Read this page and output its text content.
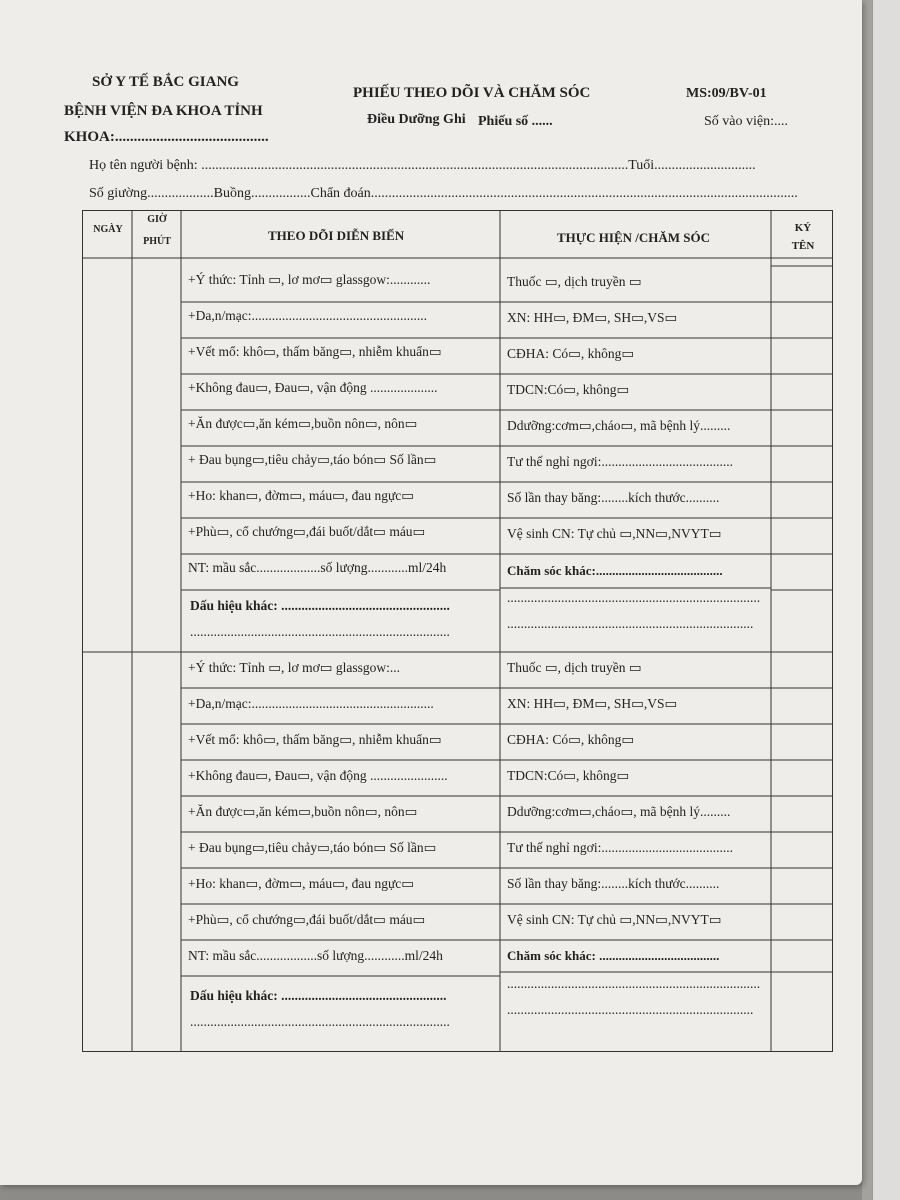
SỞ Y TẾ BẮC GIANG
BỆNH VIỆN ĐA KHOA TỈNH
KHOA:.........................................
PHIẾU THEO DÕI VÀ CHĂM SÓC
Điều Dưỡng Ghi Phiếu số ......
MS:09/BV-01
Số vào viện:....
Họ tên người bệnh: ..........................................................................................................................Tuổi.............................
Số giường...................Buồng.................Chẩn đoán..........................................................................................................................
NGÀY
GIỜ
PHÚT	THEO DÕI DIỄN BIẾN	THỰC HIỆN /CHĂM SÓC
KÝ
TÊN
+Ý thức: Tỉnh ▭, lơ mơ▭ glassgow:............
+Da,n/mạc:....................................................
+Vết mổ: khô▭, thấm băng▭, nhiễm khuẩn▭
+Không đau▭, Đau▭, vận động ....................
+Ăn được▭,ăn kém▭,buồn nôn▭, nôn▭
+ Đau bụng▭,tiêu chảy▭,táo bón▭ Số lần▭
+Ho: khan▭, đờm▭, máu▭, đau ngực▭
+Phù▭, cổ chướng▭,đái buốt/dắt▭ máu▭
NT: mầu sắc...................số lượng............ml/24h
Dấu hiệu khác: ..................................................
.............................................................................
Thuốc ▭, dịch truyền ▭
XN: HH▭, ĐM▭, SH▭,VS▭
CĐHA: Có▭, không▭
TDCN:Có▭, không▭
Ddưỡng:cơm▭,cháo▭, mã bệnh lý.........
Tư thế nghỉ ngơi:.......................................
Số lần thay băng:........kích thước..........
Vệ sinh CN: Tự chủ ▭,NN▭,NVYT▭
Chăm sóc khác:.......................................
...........................................................................
.........................................................................
+Ý thức: Tỉnh ▭, lơ mơ▭ glassgow:...
+Da,n/mạc:......................................................
+Vết mổ: khô▭, thấm băng▭, nhiễm khuẩn▭
+Không đau▭, Đau▭, vận động .......................
+Ăn được▭,ăn kém▭,buồn nôn▭, nôn▭
+ Đau bụng▭,tiêu chảy▭,táo bón▭ Số lần▭
+Ho: khan▭, đờm▭, máu▭, đau ngực▭
+Phù▭, cổ chướng▭,đái buốt/dắt▭ máu▭
NT: mầu sắc..................số lượng............ml/24h
Dấu hiệu khác: .................................................
.............................................................................
Thuốc ▭, dịch truyền ▭
XN: HH▭, ĐM▭, SH▭,VS▭
CĐHA: Có▭, không▭
TDCN:Có▭, không▭
Ddưỡng:cơm▭,cháo▭, mã bệnh lý.........
Tư thế nghỉ ngơi:.......................................
Số lần thay băng:........kích thước..........
Vệ sinh CN: Tự chủ ▭,NN▭,NVYT▭
Chăm sóc khác: .....................................
...........................................................................
.........................................................................
